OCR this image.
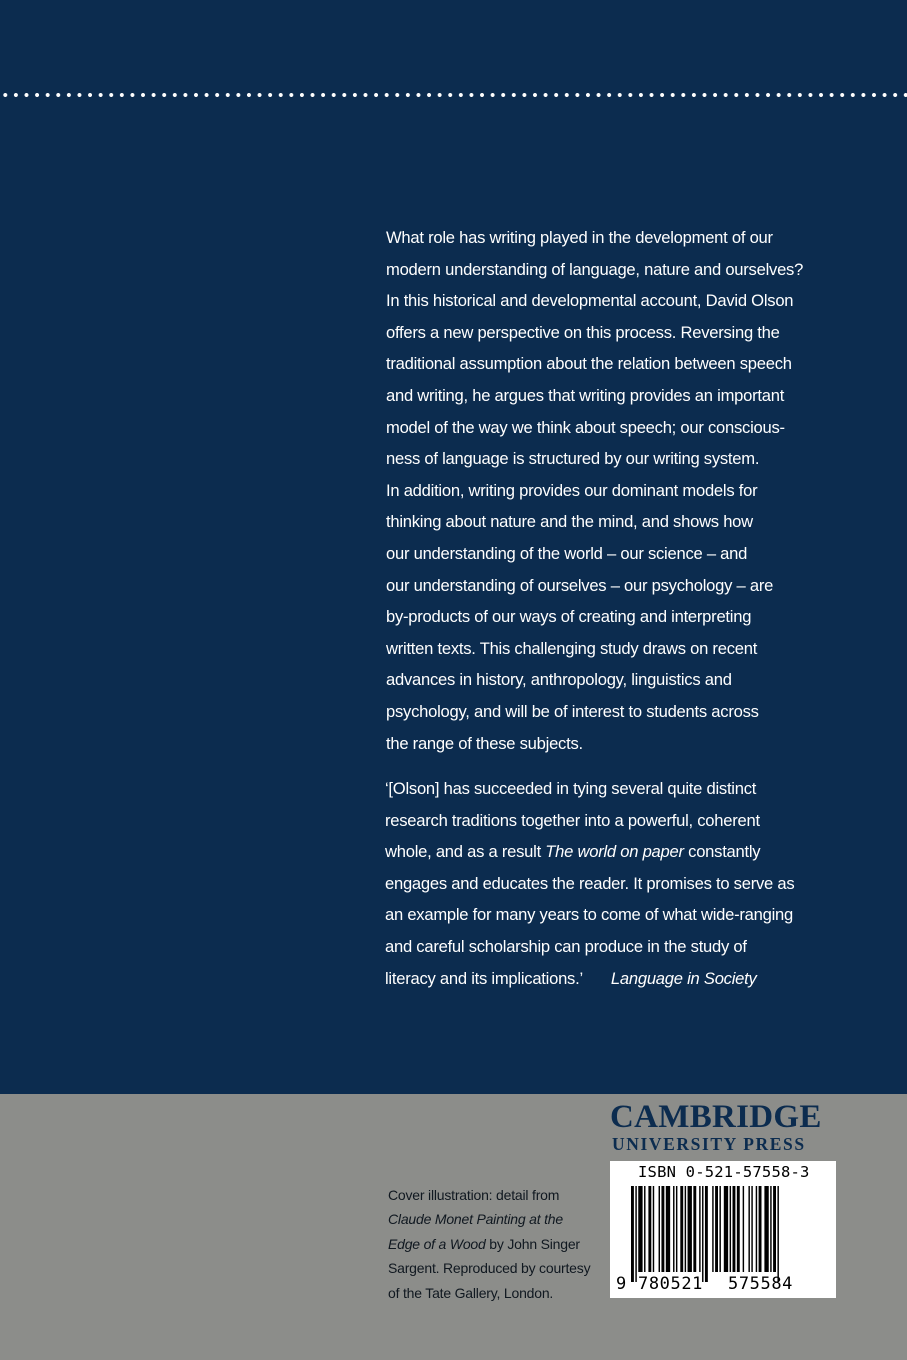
What role has writing played in the development of our

modern understanding of language, nature and ourselves?

In this historical and developmental account, David Olson

offers a new perspective on this process. Reversing the

traditional assumption about the relation between speech

and writing, he argues that writing provides an important

model of the way we think about speech; our conscious-

ness of language is structured by our writing system.

In addition, writing provides our dominant models for

thinking about nature and the mind, and shows how

our understanding of the world – our science – and

our understanding of ourselves – our psychology – are

by-products of our ways of creating and interpreting

written texts. This challenging study draws on recent

advances in history, anthropology, linguistics and

psychology, and will be of interest to students across

the range of these subjects.

‘[Olson] has succeeded in tying several quite distinct

research traditions together into a powerful, coherent

whole, and as a result The world on paper constantly

engages and educates the reader. It promises to serve as

an example for many years to come of what wide-ranging

and careful scholarship can produce in the study of

literacy and its implications.’ Language in Society

CAMBRIDGE
UNIVERSITY PRESS

Cover illustration: detail from

Claude Monet Painting at the

Edge of a Wood by John Singer

Sargent. Reproduced by courtesy

of the Tate Gallery, London.

ISBN 0-521-57558-3
9 780521 575584
